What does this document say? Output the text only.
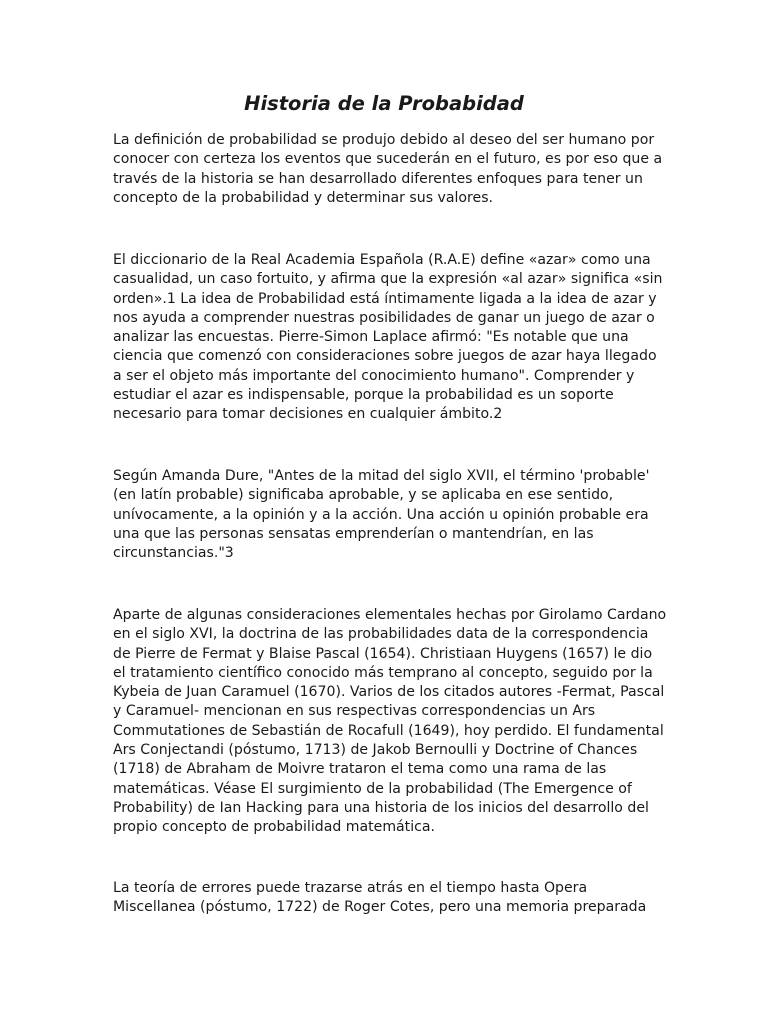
Historia de la Probabidad

La definición de probabilidad se produjo debido al deseo del ser humano por
conocer con certeza los eventos que sucederán en el futuro, es por eso que a
través de la historia se han desarrollado diferentes enfoques para tener un
concepto de la probabilidad y determinar sus valores.

El diccionario de la Real Academia Española (R.A.E) define «azar» como una
casualidad, un caso fortuito, y afirma que la expresión «al azar» significa «sin
orden».1 La idea de Probabilidad está íntimamente ligada a la idea de azar y
nos ayuda a comprender nuestras posibilidades de ganar un juego de azar o
analizar las encuestas. Pierre-Simon Laplace afirmó: "Es notable que una
ciencia que comenzó con consideraciones sobre juegos de azar haya llegado
a ser el objeto más importante del conocimiento humano". Comprender y
estudiar el azar es indispensable, porque la probabilidad es un soporte
necesario para tomar decisiones en cualquier ámbito.2

Según Amanda Dure, "Antes de la mitad del siglo XVII, el término 'probable'
(en latín probable) significaba aprobable, y se aplicaba en ese sentido,
unívocamente, a la opinión y a la acción. Una acción u opinión probable era
una que las personas sensatas emprenderían o mantendrían, en las
circunstancias."3

Aparte de algunas consideraciones elementales hechas por Girolamo Cardano
en el siglo XVI, la doctrina de las probabilidades data de la correspondencia
de Pierre de Fermat y Blaise Pascal (1654). Christiaan Huygens (1657) le dio
el tratamiento científico conocido más temprano al concepto, seguido por la
Kybeia de Juan Caramuel (1670). Varios de los citados autores -Fermat, Pascal
y Caramuel- mencionan en sus respectivas correspondencias un Ars
Commutationes de Sebastián de Rocafull (1649), hoy perdido. El fundamental
Ars Conjectandi (póstumo, 1713) de Jakob Bernoulli y Doctrine of Chances
(1718) de Abraham de Moivre trataron el tema como una rama de las
matemáticas. Véase El surgimiento de la probabilidad (The Emergence of
Probability) de Ian Hacking para una historia de los inicios del desarrollo del
propio concepto de probabilidad matemática.

La teoría de errores puede trazarse atrás en el tiempo hasta Opera
Miscellanea (póstumo, 1722) de Roger Cotes, pero una memoria preparada
